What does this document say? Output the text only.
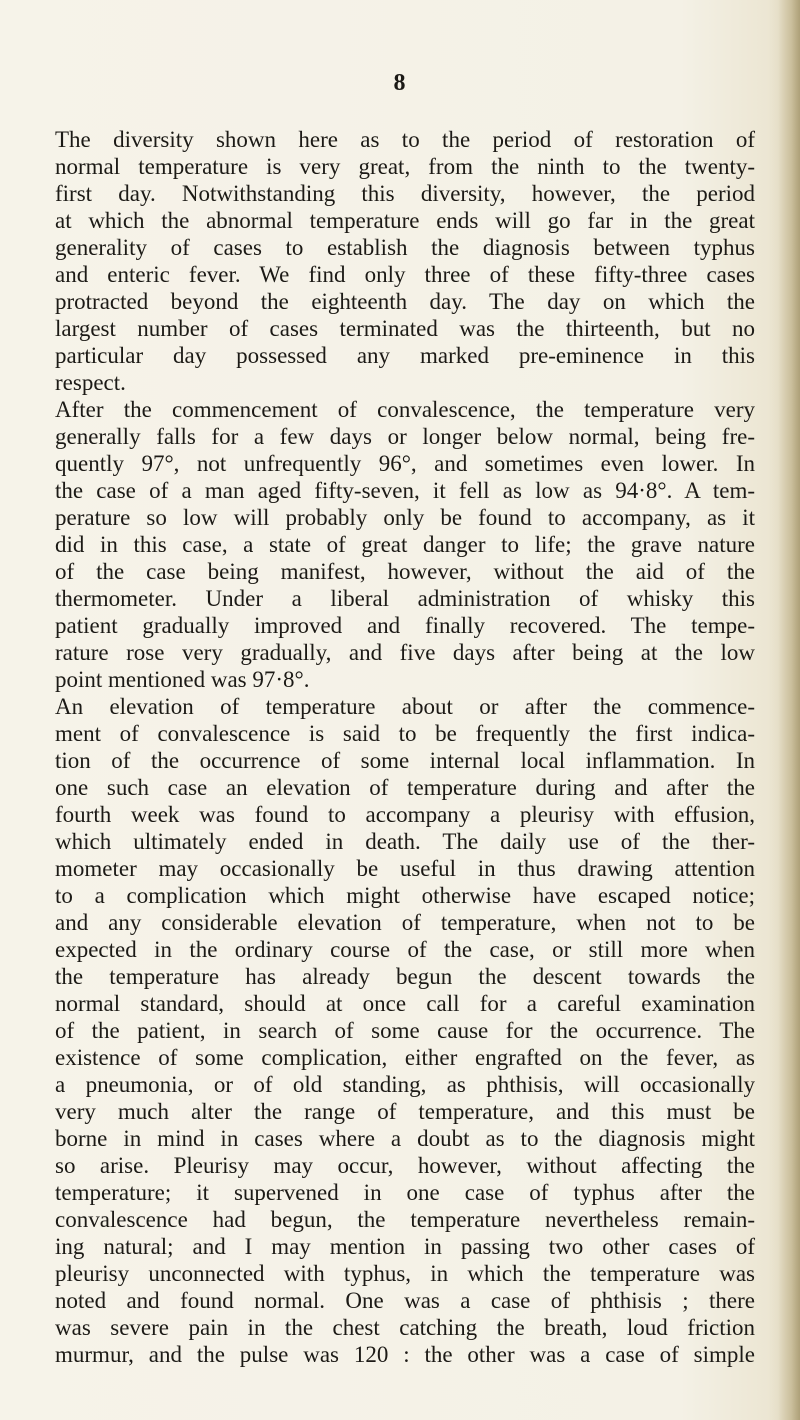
8
The diversity shown here as to the period of restoration of
normal temperature is very great, from the ninth to the twenty-
first day. Notwithstanding this diversity, however, the period
at which the abnormal temperature ends will go far in the great
generality of cases to establish the diagnosis between typhus
and enteric fever. We find only three of these fifty-three cases
protracted beyond the eighteenth day. The day on which the
largest number of cases terminated was the thirteenth, but no
particular day possessed any marked pre-eminence in this
respect.
After the commencement of convalescence, the temperature very
generally falls for a few days or longer below normal, being fre-
quently 97°, not unfrequently 96°, and sometimes even lower. In
the case of a man aged fifty-seven, it fell as low as 94·8°. A tem-
perature so low will probably only be found to accompany, as it
did in this case, a state of great danger to life; the grave nature
of the case being manifest, however, without the aid of the
thermometer. Under a liberal administration of whisky this
patient gradually improved and finally recovered. The tempe-
rature rose very gradually, and five days after being at the low
point mentioned was 97·8°.
An elevation of temperature about or after the commence-
ment of convalescence is said to be frequently the first indica-
tion of the occurrence of some internal local inflammation. In
one such case an elevation of temperature during and after the
fourth week was found to accompany a pleurisy with effusion,
which ultimately ended in death. The daily use of the ther-
mometer may occasionally be useful in thus drawing attention
to a complication which might otherwise have escaped notice;
and any considerable elevation of temperature, when not to be
expected in the ordinary course of the case, or still more when
the temperature has already begun the descent towards the
normal standard, should at once call for a careful examination
of the patient, in search of some cause for the occurrence. The
existence of some complication, either engrafted on the fever, as
a pneumonia, or of old standing, as phthisis, will occasionally
very much alter the range of temperature, and this must be
borne in mind in cases where a doubt as to the diagnosis might
so arise. Pleurisy may occur, however, without affecting the
temperature; it supervened in one case of typhus after the
convalescence had begun, the temperature nevertheless remain-
ing natural; and I may mention in passing two other cases of
pleurisy unconnected with typhus, in which the temperature was
noted and found normal. One was a case of phthisis ; there
was severe pain in the chest catching the breath, loud friction
murmur, and the pulse was 120 : the other was a case of simple
